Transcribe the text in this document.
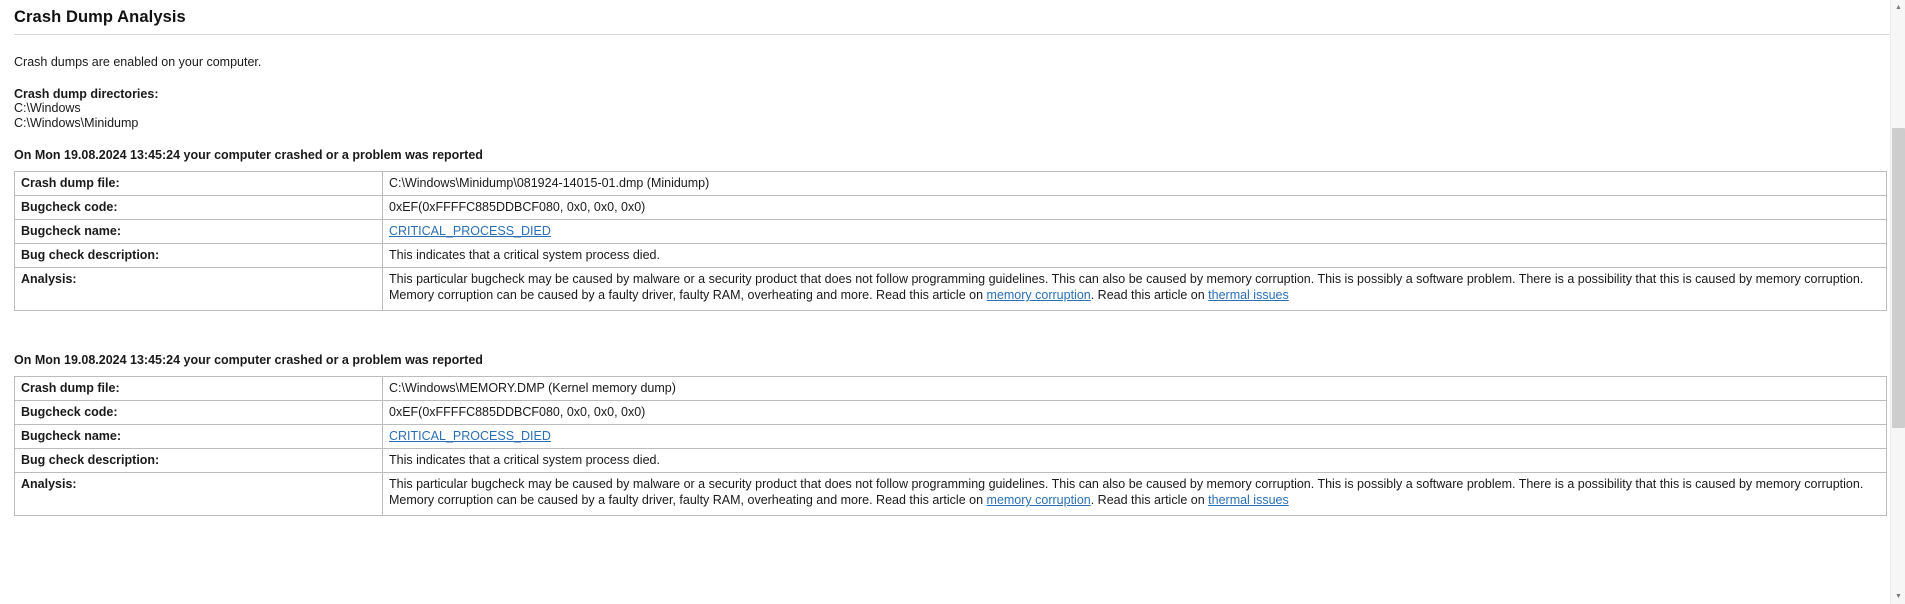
Crash Dump Analysis
Crash dumps are enabled on your computer.
Crash dump directories:
C:\Windows
C:\Windows\Minidump
On Mon 19.08.2024 13:45:24 your computer crashed or a problem was reported
Crash dump file:	C:\Windows\Minidump\081924-14015-01.dmp (Minidump)
Bugcheck code:	0xEF(0xFFFFC885DDBCF080, 0x0, 0x0, 0x0)
Bugcheck name:	CRITICAL_PROCESS_DIED
Bug check description:	This indicates that a critical system process died.
Analysis:	This particular bugcheck may be caused by malware or a security product that does not follow programming guidelines. This can also be caused by memory corruption. This is possibly a software problem. There is a possibility that this is caused by memory corruption. Memory corruption can be caused by a faulty driver, faulty RAM, overheating and more. Read this article on memory corruption. Read this article on thermal issues
On Mon 19.08.2024 13:45:24 your computer crashed or a problem was reported
Crash dump file:	C:\Windows\MEMORY.DMP (Kernel memory dump)
Bugcheck code:	0xEF(0xFFFFC885DDBCF080, 0x0, 0x0, 0x0)
Bugcheck name:	CRITICAL_PROCESS_DIED
Bug check description:	This indicates that a critical system process died.
Analysis:	This particular bugcheck may be caused by malware or a security product that does not follow programming guidelines. This can also be caused by memory corruption. This is possibly a software problem. There is a possibility that this is caused by memory corruption. Memory corruption can be caused by a faulty driver, faulty RAM, overheating and more. Read this article on memory corruption. Read this article on thermal issues
▲
▼
